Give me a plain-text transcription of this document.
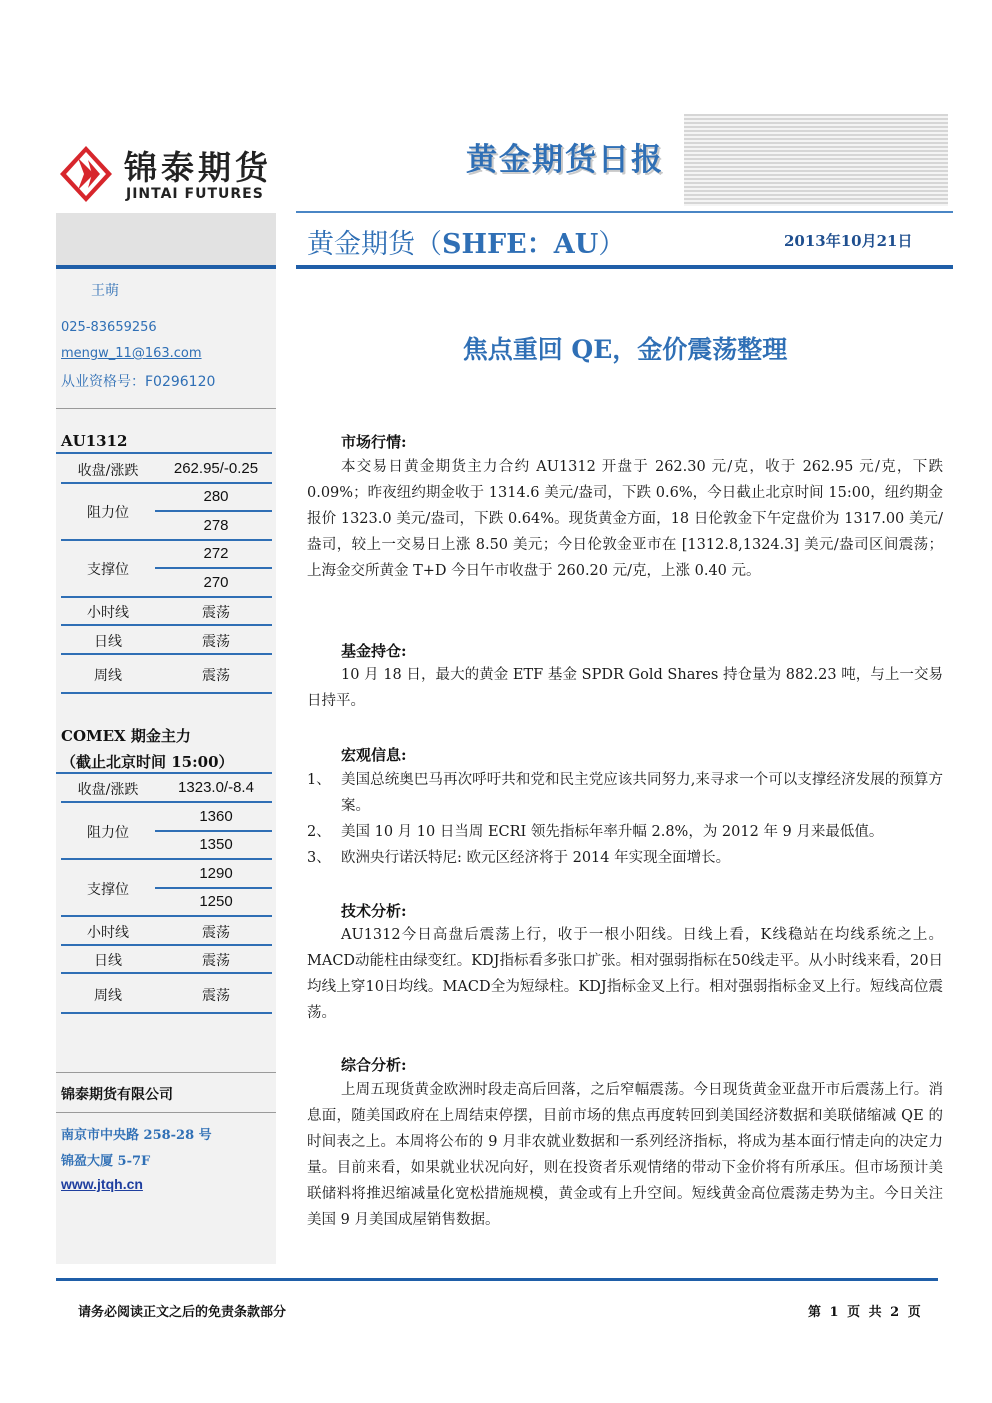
锦泰期货
JINTAI FUTURES
黄金期货日报
黄金期货（SHFE：AU）	2013年10月21日
王萌
025-83659256
mengw_11@163.com
从业资格号：F0296120
AU1312
收盘/涨跌	262.95/-0.25
阻力位
280
278
支撑位
272
270
小时线	震荡
日线	震荡
周线	震荡
COMEX 期金主力
（截止北京时间 15:00）
收盘/涨跌	1323.0/-8.4
阻力位
1360
1350
支撑位
1290
1250
小时线	震荡
日线	震荡
周线	震荡
锦泰期货有限公司
南京市中央路 258-28 号
锦盈大厦 5-7F
www.jtqh.cn
焦点重回 QE，金价震荡整理
市场行情:
本交易日黄金期货主力合约 AU1312 开盘于 262.30 元/克，收于 262.95 元/克，下跌 0.09%；昨夜纽约期金收于 1314.6 美元/盎司，下跌 0.6%，今日截止北京时间 15:00，纽约期金报价 1323.0 美元/盎司，下跌 0.64%。现货黄金方面，18 日伦敦金下午定盘价为 1317.00 美元/盎司，较上一交易日上涨 8.50 美元；今日伦敦金亚市在 [1312.8,1324.3] 美元/盎司区间震荡；上海金交所黄金 T+D 今日午市收盘于 260.20 元/克，上涨 0.40 元。
基金持仓:
10 月 18 日，最大的黄金 ETF 基金 SPDR Gold Shares 持仓量为 882.23 吨，与上一交易日持平。
宏观信息:
1、 美国总统奥巴马再次呼吁共和党和民主党应该共同努力,来寻求一个可以支撑经济发展的预算方案。
2、 美国 10 月 10 日当周 ECRI 领先指标年率升幅 2.8%，为 2012 年 9 月来最低值。
3、 欧洲央行诺沃特尼: 欧元区经济将于 2014 年实现全面增长。
技术分析:
AU1312今日高盘后震荡上行，收于一根小阳线。日线上看，K线稳站在均线系统之上。MACD动能柱由绿变红。KDJ指标看多张口扩张。相对强弱指标在50线走平。从小时线来看，20日均线上穿10日均线。MACD全为短绿柱。KDJ指标金叉上行。相对强弱指标金叉上行。短线高位震荡。
综合分析:
上周五现货黄金欧洲时段走高后回落，之后窄幅震荡。今日现货黄金亚盘开市后震荡上行。消息面，随美国政府在上周结束停摆，目前市场的焦点再度转回到美国经济数据和美联储缩减 QE 的时间表之上。本周将公布的 9 月非农就业数据和一系列经济指标，将成为基本面行情走向的决定力量。目前来看，如果就业状况向好，则在投资者乐观情绪的带动下金价将有所承压。但市场预计美联储料将推迟缩减量化宽松措施规模，黄金或有上升空间。短线黄金高位震荡走势为主。今日关注美国 9 月美国成屋销售数据。
请务必阅读正文之后的免责条款部分	第 1 页 共 2 页
